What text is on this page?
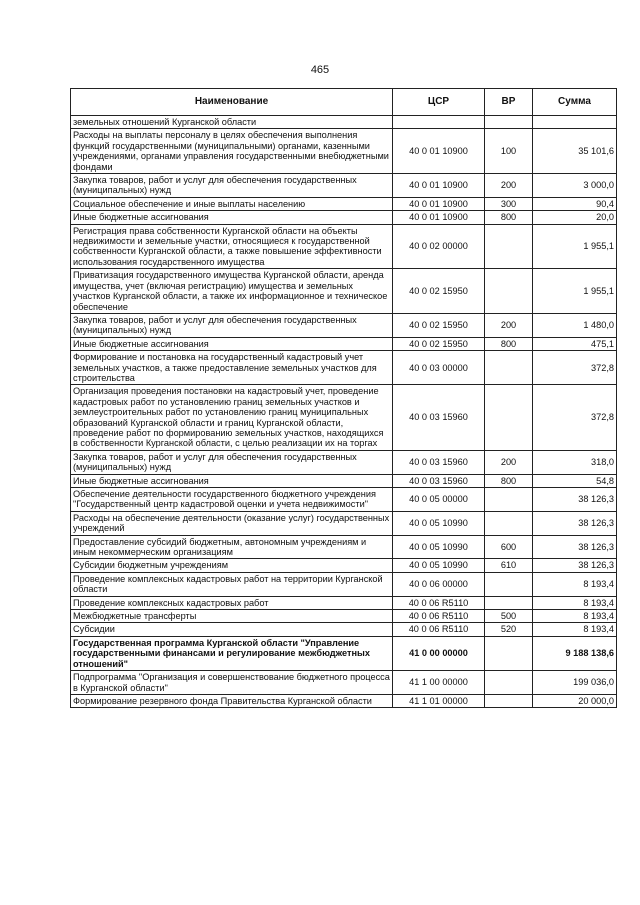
465
Наименование	ЦСР	ВР	Сумма
земельных отношений Курганской области			
Расходы на выплаты персоналу в целях обеспечения выполнения функций государственными (муниципальными) органами, казенными учреждениями, органами управления государственными внебюджетными фондами	40 0 01 10900	100	35 101,6
Закупка товаров, работ и услуг для обеспечения государственных (муниципальных) нужд	40 0 01 10900	200	3 000,0
Социальное обеспечение и иные выплаты населению	40 0 01 10900	300	90,4
Иные бюджетные ассигнования	40 0 01 10900	800	20,0
Регистрация права собственности Курганской области на объекты недвижимости и земельные участки, относящиеся к государственной собственности Курганской области, а также повышение эффективности использования государственного имущества	40 0 02 00000		1 955,1
Приватизация государственного имущества Курганской области, аренда имущества, учет (включая регистрацию) имущества и земельных участков Курганской области, а также их информационное и техническое обеспечение	40 0 02 15950		1 955,1
Закупка товаров, работ и услуг для обеспечения государственных (муниципальных) нужд	40 0 02 15950	200	1 480,0
Иные бюджетные ассигнования	40 0 02 15950	800	475,1
Формирование и постановка на государственный кадастровый учет земельных участков, а также предоставление земельных участков для строительства	40 0 03 00000		372,8
Организация проведения постановки на кадастровый учет, проведение кадастровых работ по установлению границ земельных участков и землеустроительных работ по установлению границ муниципальных образований Курганской области и границ Курганской области, проведение работ по формированию земельных участков, находящихся в собственности Курганской области, с целью реализации их на торгах	40 0 03 15960		372,8
Закупка товаров, работ и услуг для обеспечения государственных (муниципальных) нужд	40 0 03 15960	200	318,0
Иные бюджетные ассигнования	40 0 03 15960	800	54,8
Обеспечение деятельности государственного бюджетного учреждения "Государственный центр кадастровой оценки и учета недвижимости"	40 0 05 00000		38 126,3
Расходы на обеспечение деятельности (оказание услуг) государственных учреждений	40 0 05 10990		38 126,3
Предоставление субсидий бюджетным, автономным учреждениям и иным некоммерческим организациям	40 0 05 10990	600	38 126,3
Субсидии бюджетным учреждениям	40 0 05 10990	610	38 126,3
Проведение комплексных кадастровых работ на территории Курганской области	40 0 06 00000		8 193,4
Проведение комплексных кадастровых работ	40 0 06 R5110		8 193,4
Межбюджетные трансферты	40 0 06 R5110	500	8 193,4
Субсидии	40 0 06 R5110	520	8 193,4
Государственная программа Курганской области "Управление государственными финансами и регулирование межбюджетных отношений"	41 0 00 00000		9 188 138,6
Подпрограмма "Организация и совершенствование бюджетного процесса в Курганской области"	41 1 00 00000		199 036,0
Формирование резервного фонда Правительства Курганской области	41 1 01 00000		20 000,0
